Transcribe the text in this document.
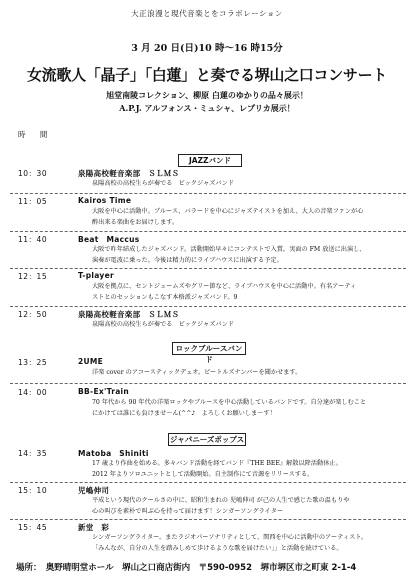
大正浪漫と現代音楽とをコラボレーション
3 月 20 日(日)10 時～16 時15分
女流歌人「晶子」「白蓮」と奏でる堺山之口コンサート
旭堂南陵コレクション、柳原 白蓮のゆかりの品々展示！
A.P.J. アルフォンス・ミュシャ、レプリカ展示！
時 間
JAZZバンド
10：30	泉陽高校軽音楽部　ＳＬＭＳ
泉陽高校の高校生らが奏でる　ビックジャズバンド
11：05	Kairos Time
大阪を中心に活動中。ブルース、バラードを中心にジャズテイストを加え、大人の音楽ファンが心
酔出来る楽曲をお届けします。
11：40	Beat　Maccus
大阪で昨年結成したジャズバンド。活動開始早々にコンテストで入賞。実面の FM 放送に出演し、
演奏が電波に乗った。今後は精力的にライブハウスに出演する予定。
12：15	T-player
大阪を拠点に、セントジェームズやグリー節など、ライブハウスを中心に活動中。有名アーティ
ストとのセッションもこなす本格派ジャズバンド。9
12：50	泉陽高校軽音楽部　ＳＬＭＳ
泉陽高校の高校生らが奏でる　ビックジャズバンド
ロックブルースバンド
13：25	2UME
洋楽 cover のアコースティックデュオ。ビートルズナンバーを聞かせます。
14：00	BB-Ex'Train
70 年代から 90 年代の洋楽ロックやブルースを中心活動しているバンドです。自分達が楽しむこと
にかけては誰にも負けませ～ん(^^♪　よろしくお願いしま～す！
ジャパニーズポップス
14：35	Matoba　Shiniti
17 歳より作曲を始める。多々バンド活動を経てバンド『THE BEE』解散以降活動休止。
2012 年よりソロユニットとして活動開始。自主制作にて音源をリリースする。
15：10	児嶋伸司
平成という現代のクールさの中に、昭和生まれの 児嶋伸司 が己の人生で感じた歌の温もりや
心の叫びを素朴で叫ぶ心を持って届けます！シンガーソングライター
15：45	新堂　彩
シンガーソングライター。またラジオパーソナリティとして、関西を中心に活動中のアーティスト。
「みんなが、自分の人生を踏みしめて歩けるような歌を届けたい」」と活動を続けている。
場所：　奥野晴明堂ホール　堺山之口商店街内　〒590-0952　堺市堺区市之町東 2-1-4
